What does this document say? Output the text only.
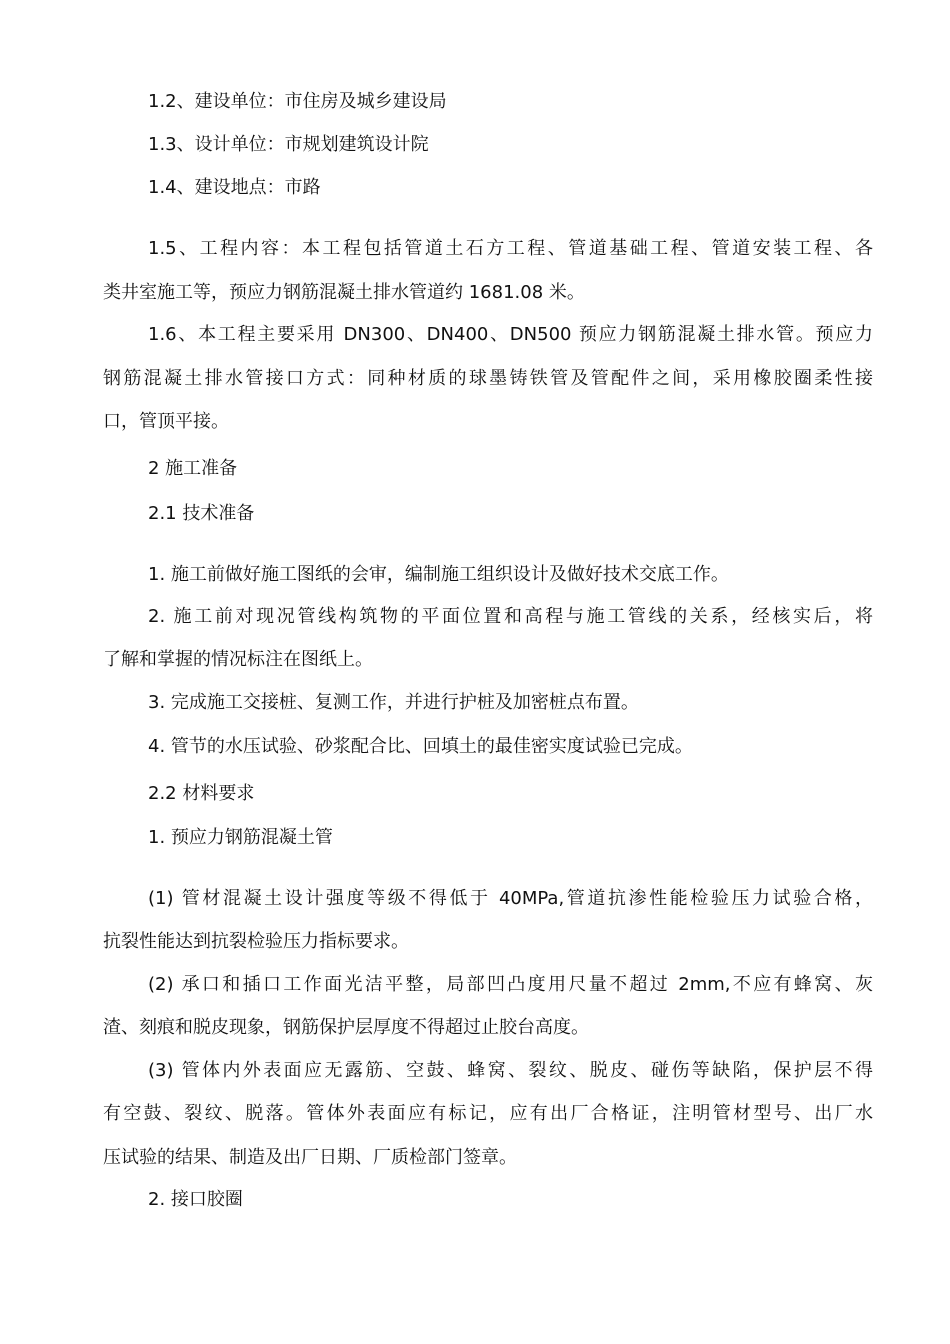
1.2、建设单位：市住房及城乡建设局
1.3、设计单位：市规划建筑设计院
1.4、建设地点：市路
1.5、工程内容：本工程包括管道土石方工程、管道基础工程、管道安装工程、各
类井室施工等，预应力钢筋混凝土排水管道约 1681.08 米。
1.6、本工程主要采用 DN300、DN400、DN500 预应力钢筋混凝土排水管。预应力
钢筋混凝土排水管接口方式：同种材质的球墨铸铁管及管配件之间，采用橡胶圈柔性接
口，管顶平接。
2 施工准备
2.1 技术准备
1. 施工前做好施工图纸的会审，编制施工组织设计及做好技术交底工作。
2. 施工前对现况管线构筑物的平面位置和高程与施工管线的关系，经核实后，将
了解和掌握的情况标注在图纸上。
3. 完成施工交接桩、复测工作，并进行护桩及加密桩点布置。
4. 管节的水压试验、砂浆配合比、回填土的最佳密实度试验已完成。
2.2 材料要求
1. 预应力钢筋混凝土管
(1) 管材混凝土设计强度等级不得低于 40MPa,管道抗渗性能检验压力试验合格，
抗裂性能达到抗裂检验压力指标要求。
(2) 承口和插口工作面光洁平整，局部凹凸度用尺量不超过 2mm,不应有蜂窝、灰
渣、刻痕和脱皮现象，钢筋保护层厚度不得超过止胶台高度。
(3) 管体内外表面应无露筋、空鼓、蜂窝、裂纹、脱皮、碰伤等缺陷，保护层不得
有空鼓、裂纹、脱落。管体外表面应有标记，应有出厂合格证，注明管材型号、出厂水
压试验的结果、制造及出厂日期、厂质检部门签章。
2. 接口胶圈
